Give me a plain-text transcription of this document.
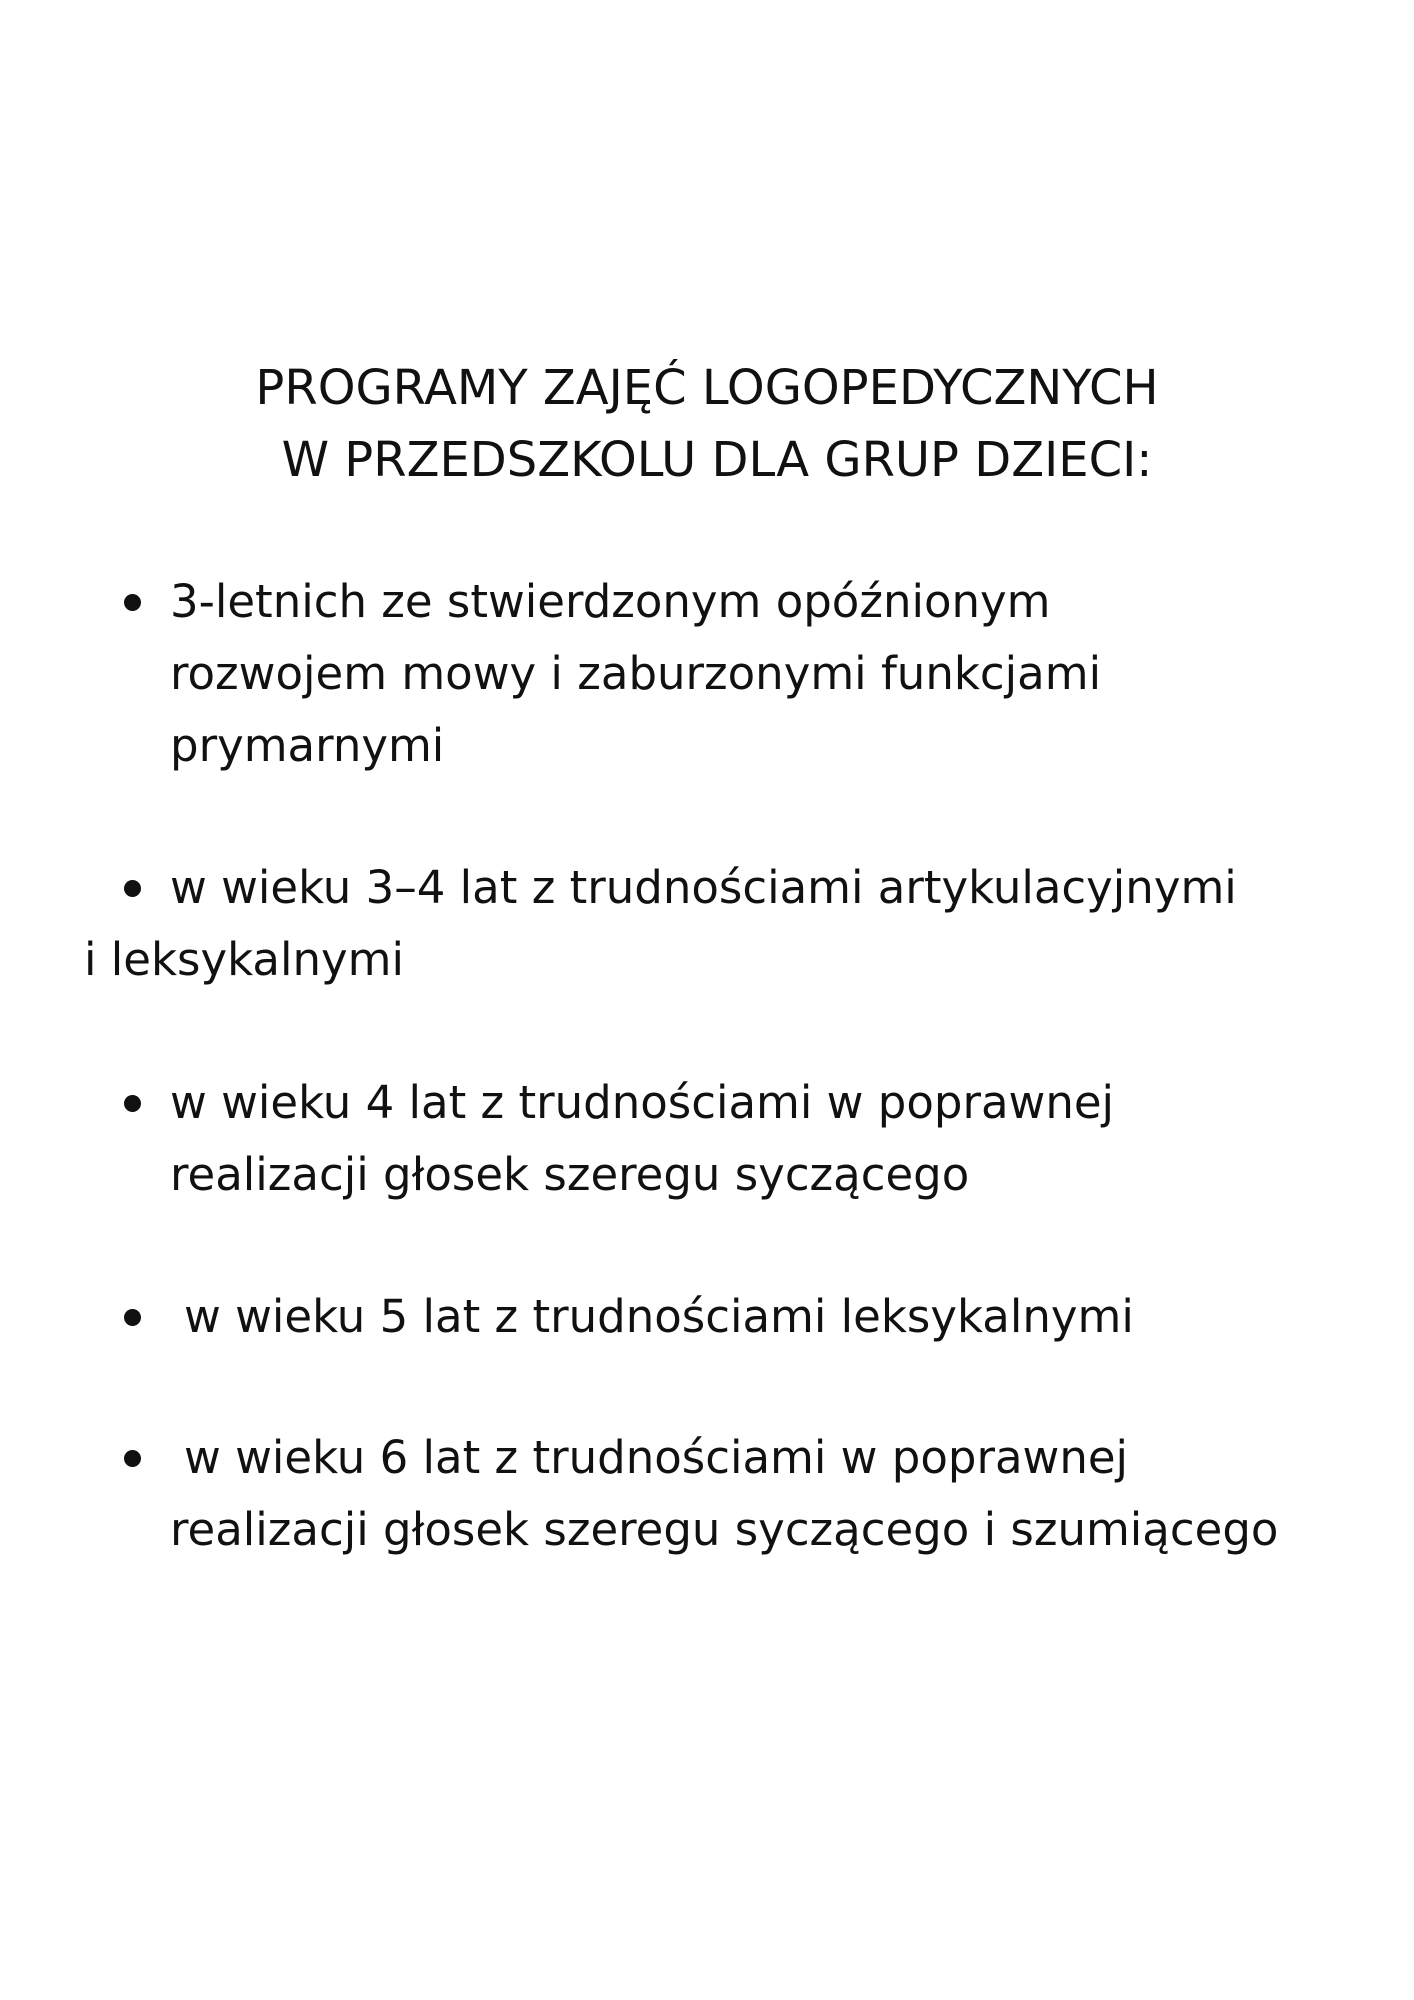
PROGRAMY ZAJĘĆ LOGOPEDYCZNYCH
W PRZEDSZKOLU DLA GRUP DZIECI:
3-letnich ze stwierdzonym opóźnionym
rozwojem mowy i zaburzonymi funkcjami
prymarnymi
w wieku 3–4 lat z trudnościami artykulacyjnymi
i leksykalnymi
w wieku 4 lat z trudnościami w poprawnej
realizacji głosek szeregu syczącego
w wieku 5 lat z trudnościami leksykalnymi
w wieku 6 lat z trudnościami w poprawnej
realizacji głosek szeregu syczącego i szumiącego
